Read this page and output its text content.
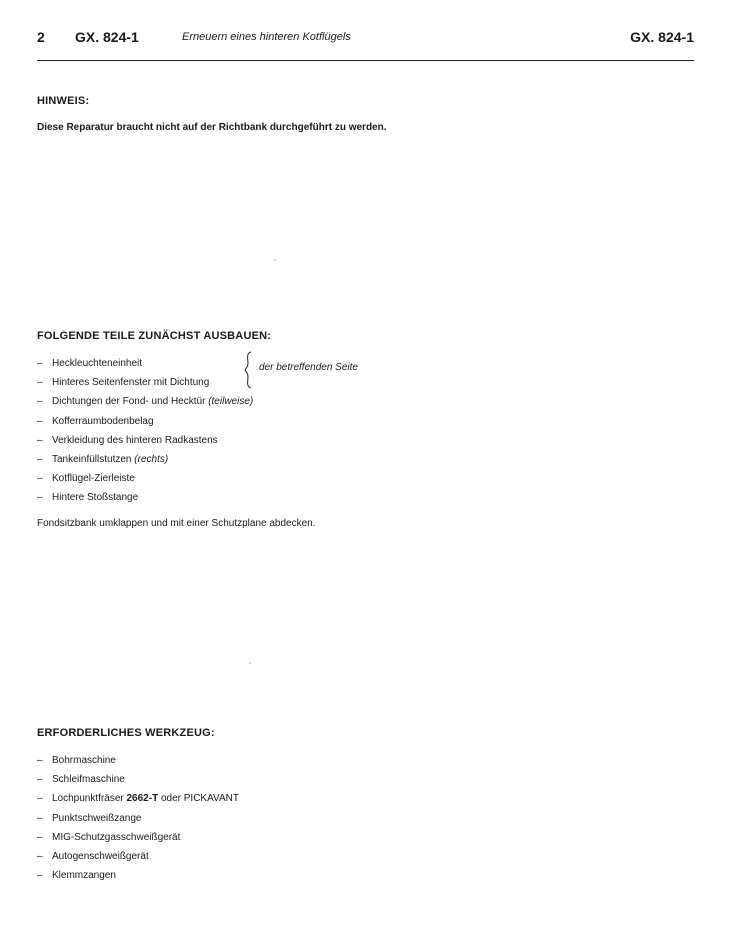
2 GX. 824-1	Erneuern eines hinteren Kotflügels	GX. 824-1
HINWEIS:
Diese Reparatur braucht nicht auf der Richtbank durchgeführt zu werden.
FOLGENDE TEILE ZUNÄCHST AUSBAUEN:
– Heckleuchteneinheit
– Hinteres Seitenfenster mit Dichtung
– Dichtungen der Fond- und Hecktür (teilweise)
– Kofferraumbodenbelag
– Verkleidung des hinteren Radkastens
– Tankeinfüllstutzen (rechts)
– Kotflügel-Zierleiste
– Hintere Stoßstange
der betreffenden Seite
Fondsitzbank umklappen und mit einer Schutzplane abdecken.
ERFORDERLICHES WERKZEUG:
– Bohrmaschine
– Schleifmaschine
– Lochpunktfräser 2662-T oder PICKAVANT
– Punktschweißzange
– MIG-Schutzgasschweißgerät
– Autogenschweißgerät
– Klemmzangen
